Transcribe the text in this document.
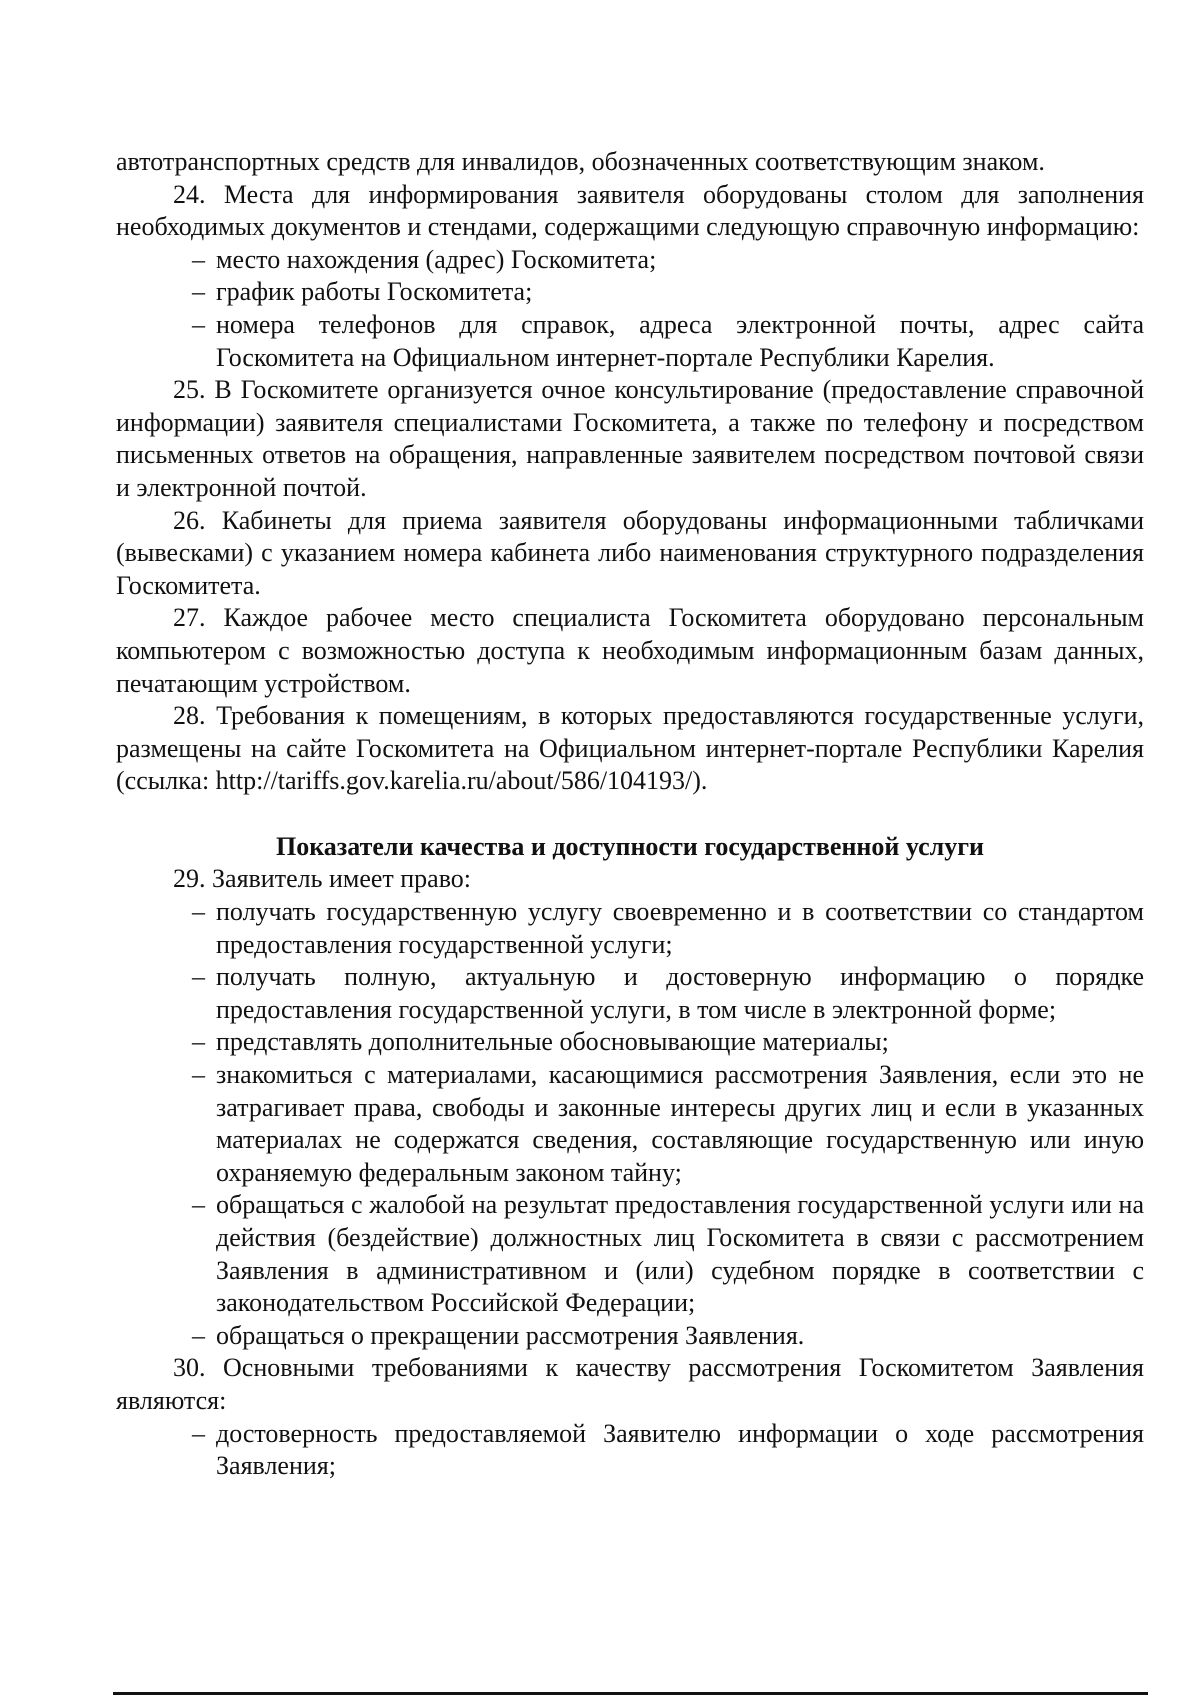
автотранспортных средств для инвалидов, обозначенных соответствующим знаком.

24. Места для информирования заявителя оборудованы столом для заполнения необходимых документов и стендами, содержащими следующую справочную информацию:

– место нахождения (адрес) Госкомитета;

– график работы Госкомитета;

– номера телефонов для справок, адреса электронной почты, адрес сайта Госкомитета на Официальном интернет-портале Республики Карелия.

25. В Госкомитете организуется очное консультирование (предоставление справочной информации) заявителя специалистами Госкомитета, а также по телефону и посредством письменных ответов на обращения, направленные заявителем посредством почтовой связи и электронной почтой.

26. Кабинеты для приема заявителя оборудованы информационными табличками (вывесками) с указанием номера кабинета либо наименования структурного подразделения Госкомитета.

27. Каждое рабочее место специалиста Госкомитета оборудовано персональным компьютером с возможностью доступа к необходимым информационным базам данных, печатающим устройством.

28. Требования к помещениям, в которых предоставляются государственные услуги, размещены на сайте Госкомитета на Официальном интернет-портале Республики Карелия (ссылка: http://tariffs.gov.karelia.ru/about/586/104193/).

Показатели качества и доступности государственной услуги

29. Заявитель имеет право:

– получать государственную услугу своевременно и в соответствии со стандартом предоставления государственной услуги;

– получать полную, актуальную и достоверную информацию о порядке предоставления государственной услуги, в том числе в электронной форме;

– представлять дополнительные обосновывающие материалы;

– знакомиться с материалами, касающимися рассмотрения Заявления, если это не затрагивает права, свободы и законные интересы других лиц и если в указанных материалах не содержатся сведения, составляющие государственную или иную охраняемую федеральным законом тайну;

– обращаться с жалобой на результат предоставления государственной услуги или на действия (бездействие) должностных лиц Госкомитета в связи с рассмотрением Заявления в административном и (или) судебном порядке в соответствии с законодательством Российской Федерации;

– обращаться о прекращении рассмотрения Заявления.

30. Основными требованиями к качеству рассмотрения Госкомитетом Заявления являются:

– достоверность предоставляемой Заявителю информации о ходе рассмотрения Заявления;
